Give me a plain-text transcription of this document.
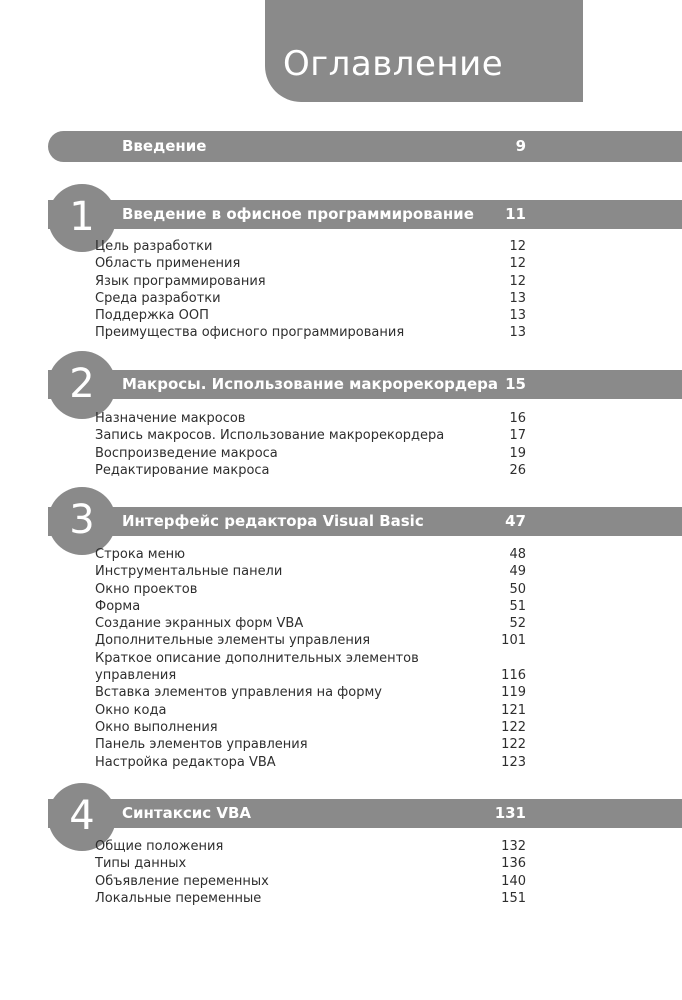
Оглавление
Введение	9
1	Введение в офисное программирование 11
Цель разработки	12
Область применения	12
Язык программирования	12
Среда разработки	13
Поддержка ООП	13
Преимущества офисного программирования	13
2	Макросы. Использование макрорекордера 15
Назначение макросов	16
Запись макросов. Использование макрорекордера	17
Воспроизведение макроса	19
Редактирование макроса	26
3	Интерфейс редактора Visual Basic	47
Строка меню	48
Инструментальные панели	49
Окно проектов	50
Форма	51
Создание экранных форм VBA	52
Дополнительные элементы управления	101
Краткое описание дополнительных элементов управления	116
Вставка элементов управления на форму	119
Окно кода	121
Окно выполнения	122
Панель элементов управления	122
Настройка редактора VBA	123
4	Синтаксис VBA	131
Общие положения	132
Типы данных	136
Объявление переменных	140
Локальные переменные	151
